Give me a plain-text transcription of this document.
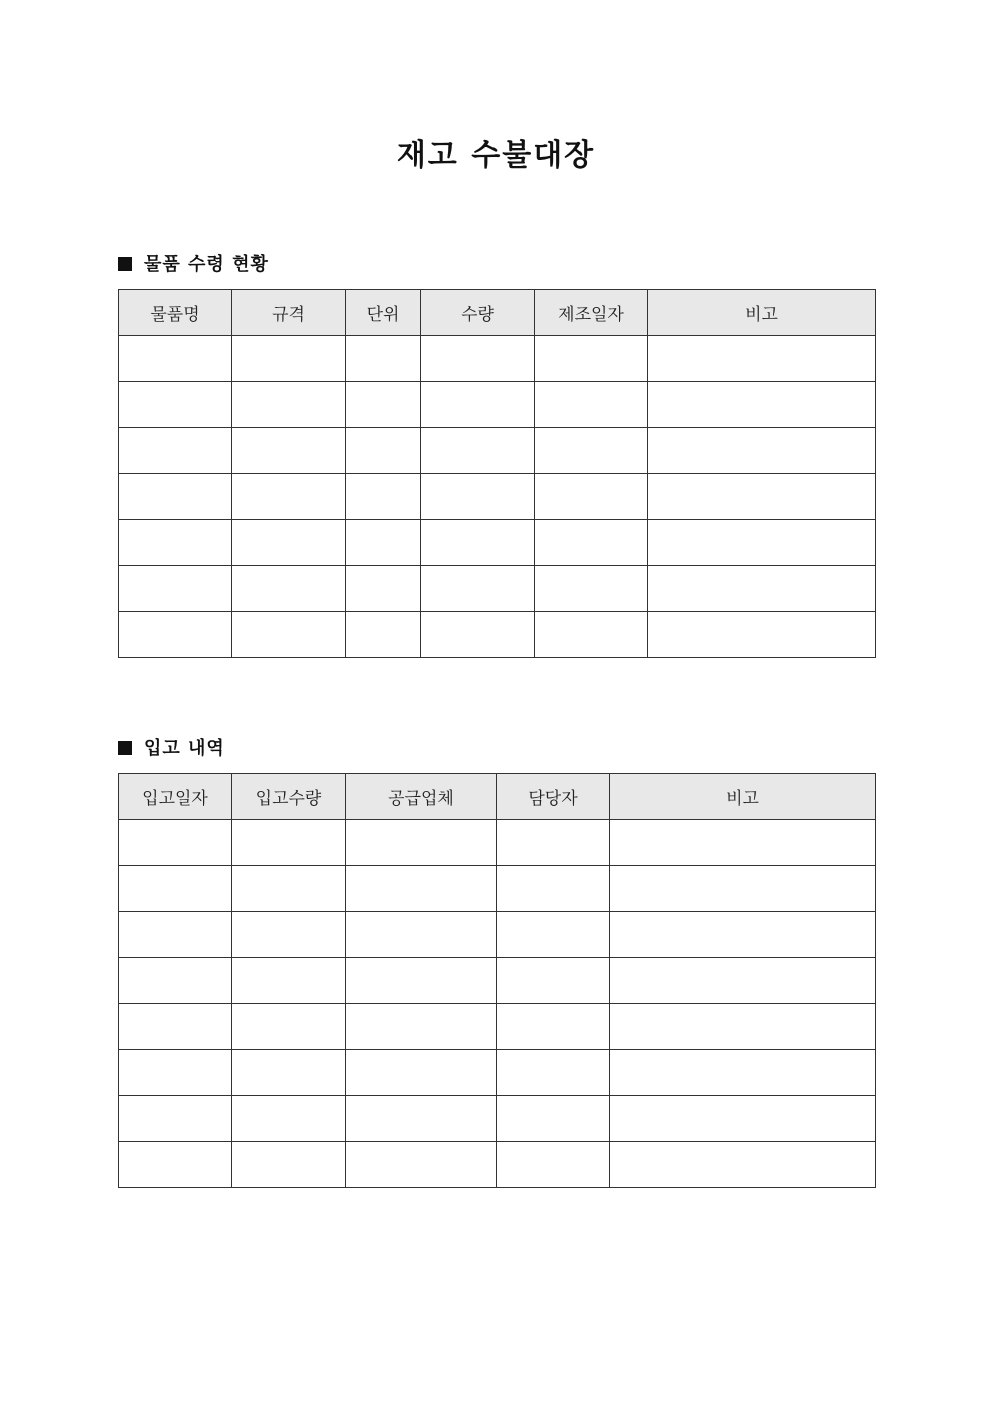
재고 수불대장
물품 수령 현황
물품명	규격	단위	수량	제조일자	비고

입고 내역
입고일자	입고수량	공급업체	담당자	비고
